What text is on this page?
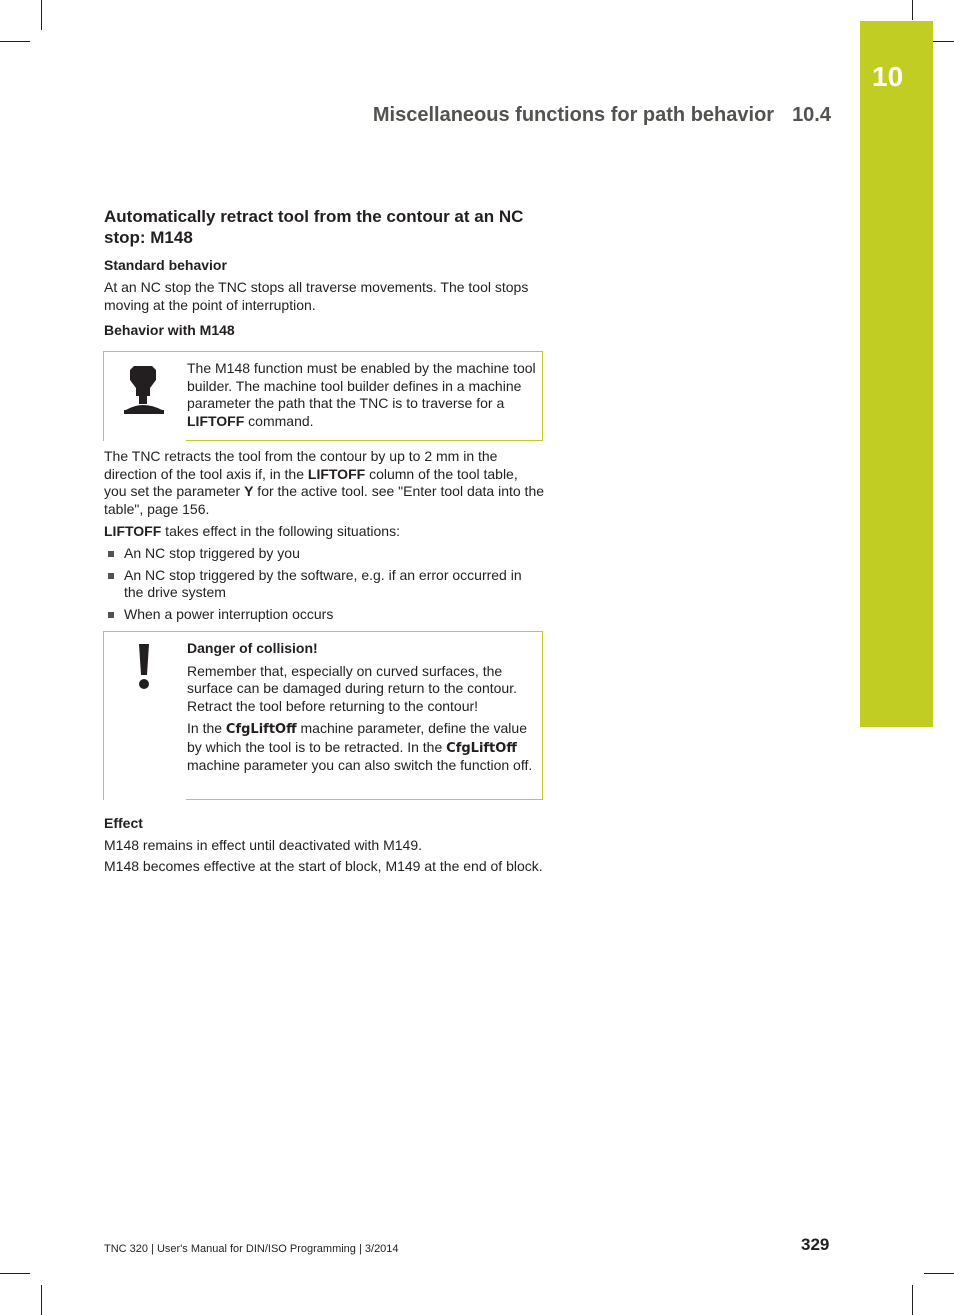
10
Miscellaneous functions for path behavior 10.4
Automatically retract tool from the contour at an NC stop: M148
Standard behavior
At an NC stop the TNC stops all traverse movements. The tool stops moving at the point of interruption.
Behavior with M148
The M148 function must be enabled by the machine tool builder. The machine tool builder defines in a machine parameter the path that the TNC is to traverse for a LIFTOFF command.
The TNC retracts the tool from the contour by up to 2 mm in the direction of the tool axis if, in the LIFTOFF column of the tool table, you set the parameter Y for the active tool. see "Enter tool data into the table", page 156.
LIFTOFF takes effect in the following situations:
An NC stop triggered by you
An NC stop triggered by the software, e.g. if an error occurred in the drive system
When a power interruption occurs
Danger of collision!
Remember that, especially on curved surfaces, the surface can be damaged during return to the contour. Retract the tool before returning to the contour!
In the CfgLiftOff machine parameter, define the value by which the tool is to be retracted. In the CfgLiftOff machine parameter you can also switch the function off.
Effect
M148 remains in effect until deactivated with M149.
M148 becomes effective at the start of block, M149 at the end of block.
TNC 320 | User's Manual for DIN/ISO Programming | 3/2014	329
